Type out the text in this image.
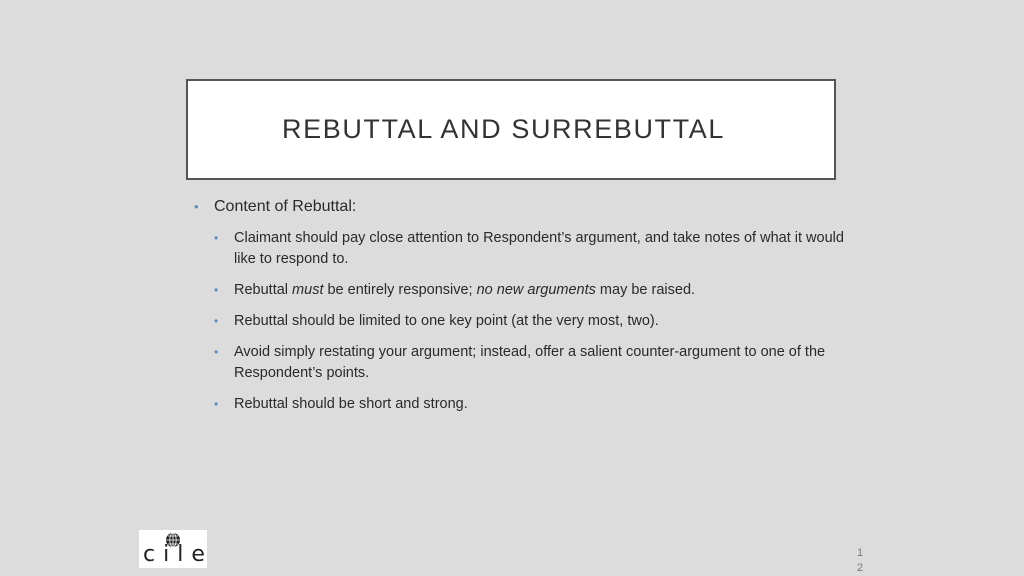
REBUTTAL AND SURREBUTTAL
• Content of Rebuttal:
•	Claimant should pay close attention to Respondent’s argument, and take notes of what it would like to respond to.
•	Rebuttal must be entirely responsive; no new arguments may be raised.
•	Rebuttal should be limited to one key point (at the very most, two).
•	Avoid simply restating your argument; instead, offer a salient counter-argument to one of the Respondent’s points.
•	Rebuttal should be short and strong.
cile	1
2
